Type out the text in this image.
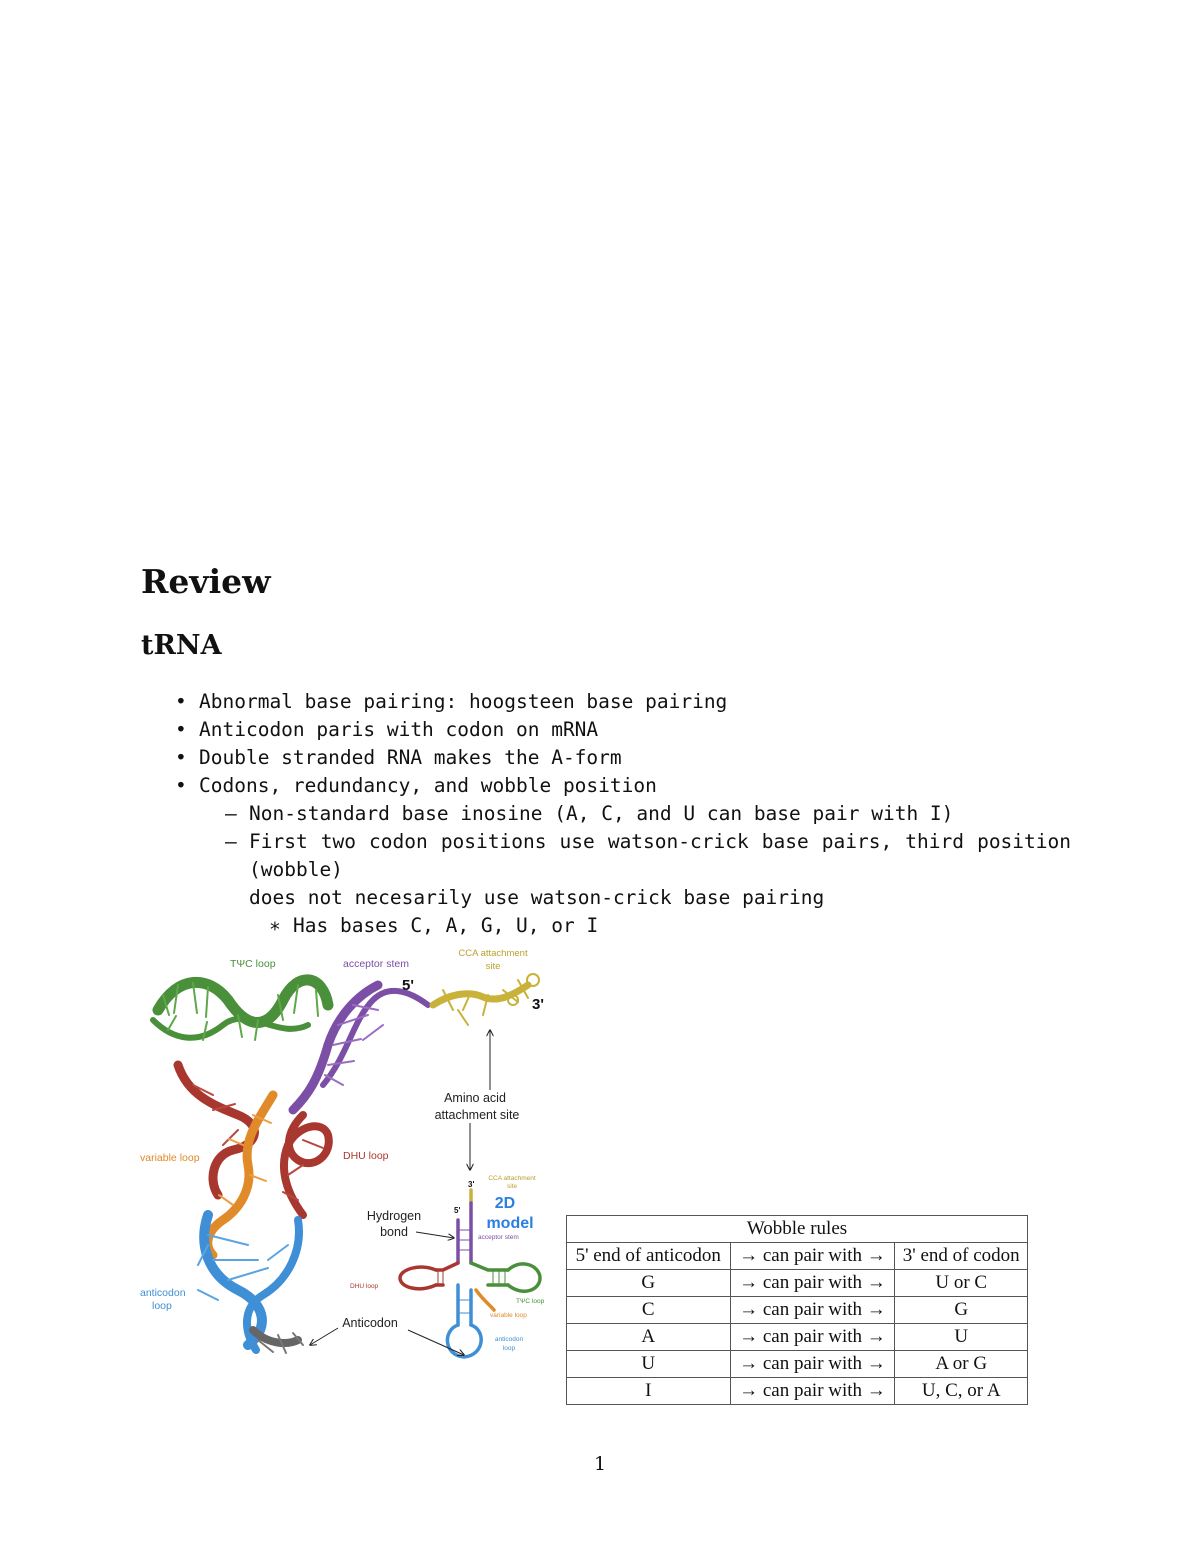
Review
tRNA
• Abnormal base pairing: hoogsteen base pairing
• Anticodon paris with codon on mRNA
• Double stranded RNA makes the A-form
• Codons, redundancy, and wobble position
– Non-standard base inosine (A, C, and U can base pair with I)
– First two codon positions use watson-crick base pairs, third position (wobble)
does not necesarily use watson-crick base pairing
∗ Has bases C, A, G, U, or I
TΨC loop	acceptor stem
CCA attachment
site
5'
3'
Amino acid
attachment site
variable loop	DHU loop
anticodon
loop
3'
5'
CCA attachment
site
2D
model
acceptor stem
Hydrogen
bond
DHU loop
TΨC loop
variable loop
anticodon
loop
Anticodon
Wobble rules		
5' end of anticodon	→ can pair with →	3' end of codon
G	→ can pair with →	U or C
C	→ can pair with →	G
A	→ can pair with →	U
U	→ can pair with →	A or G
I	→ can pair with →	U, C, or A
1
